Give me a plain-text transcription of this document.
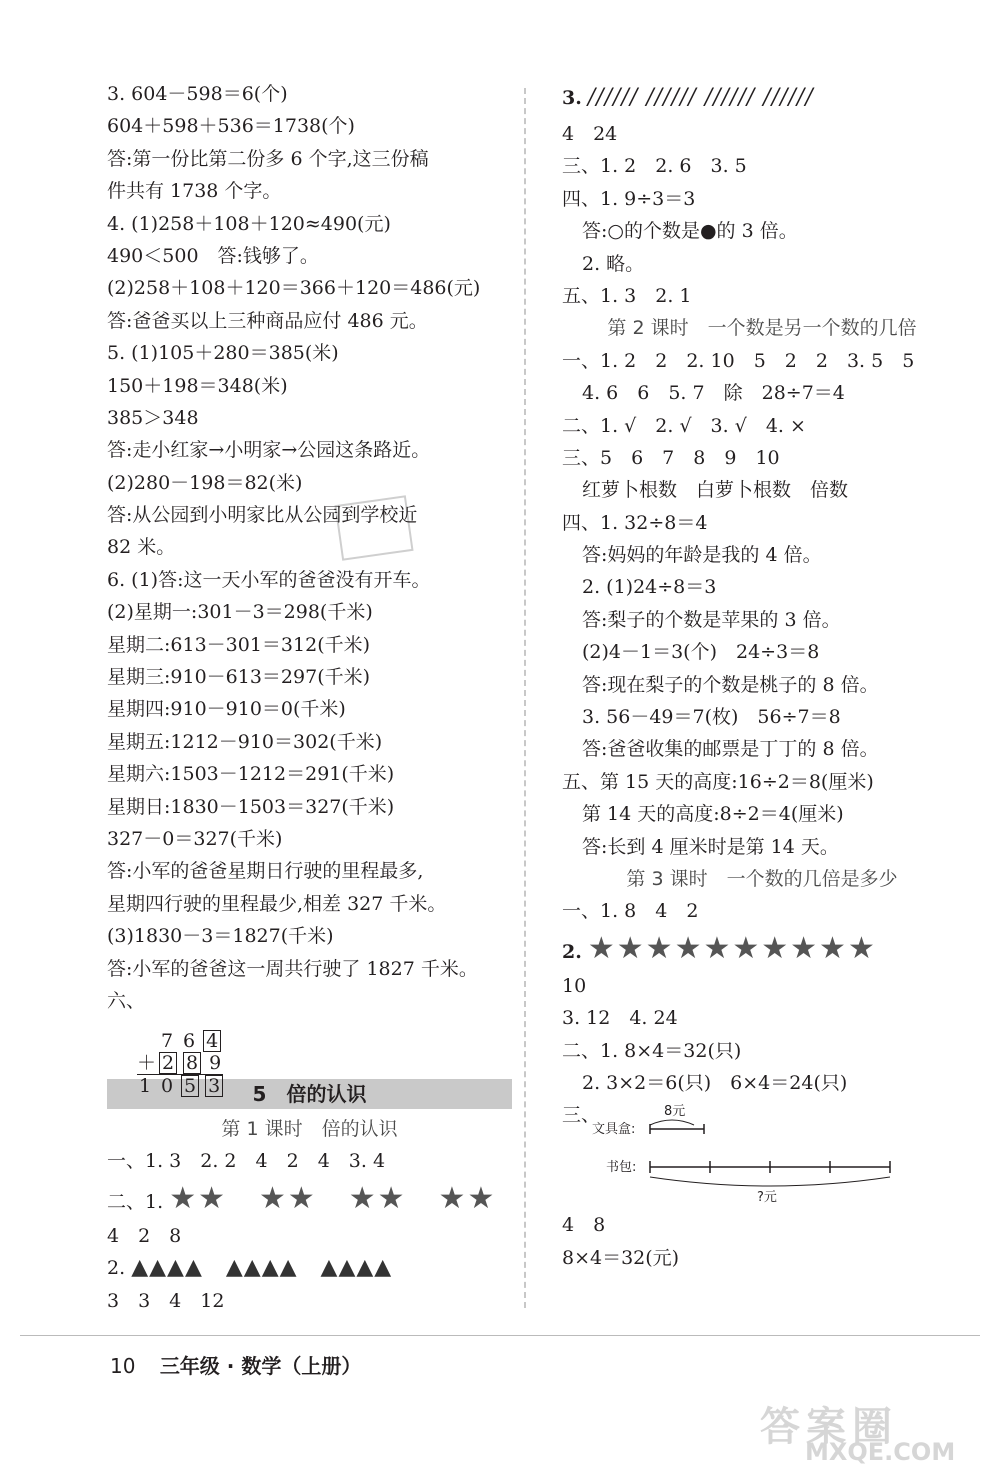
3. 604－598＝6(个)
604＋598＋536＝1738(个)
答:第一份比第二份多 6 个字,这三份稿
件共有 1738 个字。
4. (1)258＋108＋120≈490(元)
490＜500　答:钱够了。
(2)258＋108＋120＝366＋120＝486(元)
答:爸爸买以上三种商品应付 486 元。
5. (1)105＋280＝385(米)
150＋198＝348(米)
385＞348
答:走小红家→小明家→公园这条路近。
(2)280－198＝82(米)
答:从公园到小明家比从公园到学校近
82 米。
6. (1)答:这一天小军的爸爸没有开车。
(2)星期一:301－3＝298(千米)
星期二:613－301＝312(千米)
星期三:910－613＝297(千米)
星期四:910－910＝0(千米)
星期五:1212－910＝302(千米)
星期六:1503－1212＝291(千米)
星期日:1830－1503＝327(千米)
327－0＝327(千米)
答:小军的爸爸星期日行驶的里程最多,
星期四行驶的里程最少,相差 327 千米。
(3)1830－3＝1827(千米)
答:小军的爸爸这一周共行驶了 1827 千米。
六、
5　倍的认识
第 1 课时　倍的认识
一、1. 3　2. 2　4　2　4　3. 4
二、1. ★★　★★　★★　★★
4　2　8
2. ▲▲▲▲　▲▲▲▲　▲▲▲▲
3　3　4　12
7 6 4
＋ 2 8 9
1 0 5 3
3. ////// ////// ////// //////
4　24
三、1. 2　2. 6　3. 5
四、1. 9÷3＝3
答:○的个数是●的 3 倍。
2. 略。
五、1. 3　2. 1
第 2 课时　一个数是另一个数的几倍
一、1. 2　2　2. 10　5　2　2　3. 5　5
4. 6　6　5. 7　除　28÷7＝4
二、1. √　2. √　3. √　4. ×
三、5　6　7　8　9　10
红萝卜根数　白萝卜根数　倍数
四、1. 32÷8＝4
答:妈妈的年龄是我的 4 倍。
2. (1)24÷8＝3
答:梨子的个数是苹果的 3 倍。
(2)4－1＝3(个)　24÷3＝8
答:现在梨子的个数是桃子的 8 倍。
3. 56－49＝7(枚)　56÷7＝8
答:爸爸收集的邮票是丁丁的 8 倍。
五、第 15 天的高度:16÷2＝8(厘米)
第 14 天的高度:8÷2＝4(厘米)
答:长到 4 厘米时是第 14 天。
第 3 课时　一个数的几倍是多少
一、1. 8　4　2
2. ★★★★★★★★★★
10
3. 12　4. 24
二、1. 8×4＝32(只)
2. 3×2＝6(只)　6×4＝24(只)
三、	8元
文具盒:
书包:
?元
4　8
8×4＝32(元)
10 三年级 · 数学（上册）
答案圈
MXQE.COM
